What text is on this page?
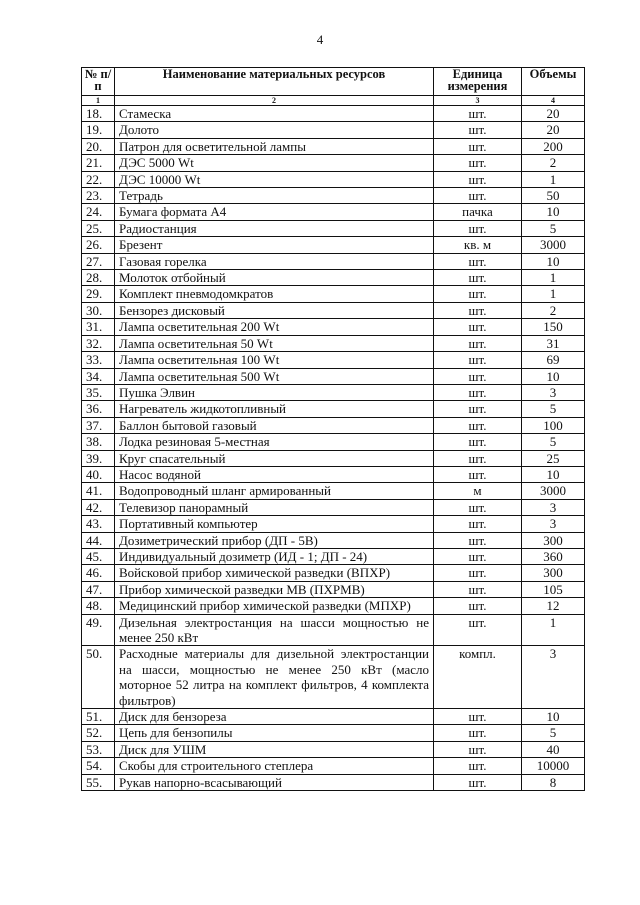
4
№ п/п	Наименование материальных ресурсов	Единица измерения	Объемы
1	2	3	4
18.	Стамеска	шт.	20
19.	Долото	шт.	20
20.	Патрон для осветительной лампы	шт.	200
21.	ДЭС 5000 Wt	шт.	2
22.	ДЭС 10000 Wt	шт.	1
23.	Тетрадь	шт.	50
24.	Бумага формата А4	пачка	10
25.	Радиостанция	шт.	5
26.	Брезент	кв. м	3000
27.	Газовая горелка	шт.	10
28.	Молоток отбойный	шт.	1
29.	Комплект пневмодомкратов	шт.	1
30.	Бензорез дисковый	шт.	2
31.	Лампа осветительная 200 Wt	шт.	150
32.	Лампа осветительная 50 Wt	шт.	31
33.	Лампа осветительная 100 Wt	шт.	69
34.	Лампа осветительная 500 Wt	шт.	10
35.	Пушка Элвин	шт.	3
36.	Нагреватель жидкотопливный	шт.	5
37.	Баллон бытовой газовый	шт.	100
38.	Лодка резиновая 5-местная	шт.	5
39.	Круг спасательный	шт.	25
40.	Насос водяной	шт.	10
41.	Водопроводный шланг армированный	м	3000
42.	Телевизор панорамный	шт.	3
43.	Портативный компьютер	шт.	3
44.	Дозиметрический прибор (ДП - 5В)	шт.	300
45.	Индивидуальный дозиметр (ИД - 1; ДП - 24)	шт.	360
46.	Войсковой прибор химической разведки (ВПХР)	шт.	300
47.	Прибор химической разведки МВ (ПХРМВ)	шт.	105
48.	Медицинский прибор химической разведки (МПХР)	шт.	12
49.	Дизельная электростанция на шасси мощностью не менее 250 кВт	шт.	1
50.	Расходные материалы для дизельной электростанции на шасси, мощностью не менее 250 кВт (масло моторное 52 литра на комплект фильтров, 4 комплекта фильтров)	компл.	3
51.	Диск для бензореза	шт.	10
52.	Цепь для бензопилы	шт.	5
53.	Диск для УШМ	шт.	40
54.	Скобы для строительного степлера	шт.	10000
55.	Рукав напорно-всасывающий	шт.	8
